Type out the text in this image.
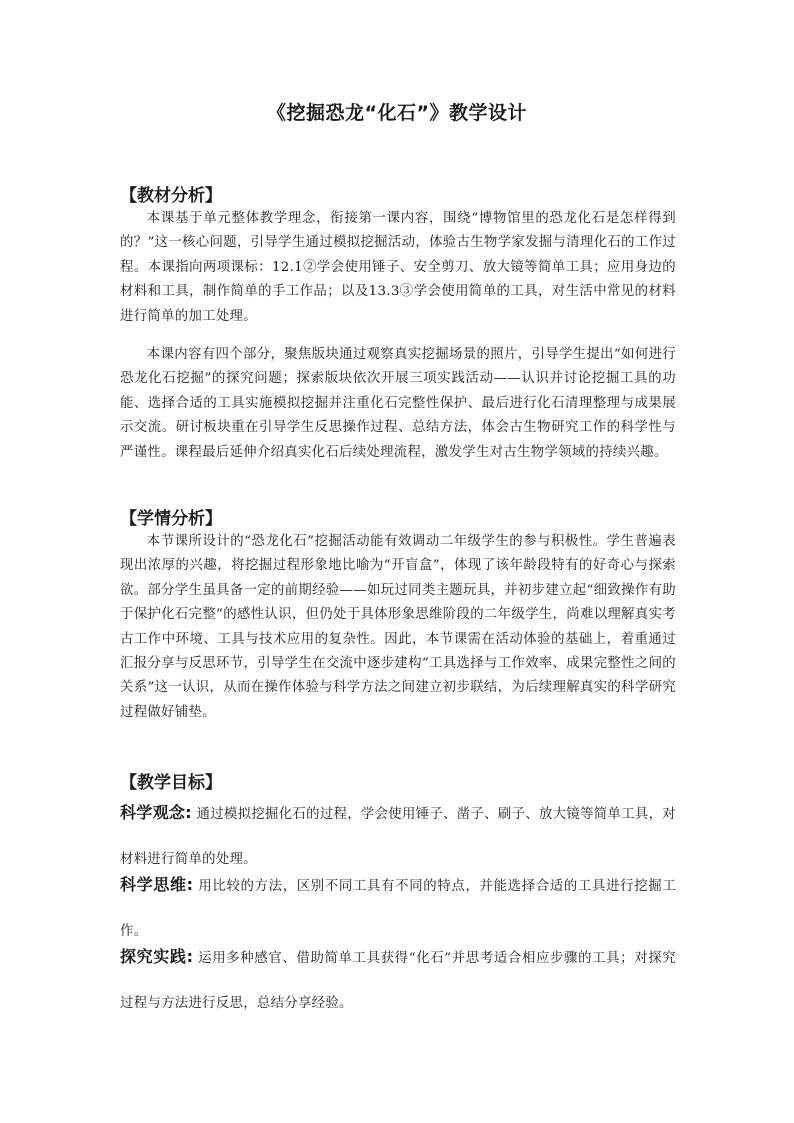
《挖掘恐龙“化石”》教学设计
【教材分析】

本课基于单元整体教学理念，衔接第一课内容，围绕“博物馆里的恐龙化石是怎样得到的？”这一核心问题，引导学生通过模拟挖掘活动，体验古生物学家发掘与清理化石的工作过程。本课指向两项课标：12.1②学会使用锤子、安全剪刀、放大镜等简单工具；应用身边的材料和工具，制作简单的手工作品；以及13.3③学会使用简单的工具，对生活中常见的材料进行简单的加工处理。

本课内容有四个部分，聚焦版块通过观察真实挖掘场景的照片，引导学生提出“如何进行恐龙化石挖掘”的探究问题；探索版块依次开展三项实践活动——认识并讨论挖掘工具的功能、选择合适的工具实施模拟挖掘并注重化石完整性保护、最后进行化石清理整理与成果展示交流。研讨板块重在引导学生反思操作过程、总结方法，体会古生物研究工作的科学性与严谨性。课程最后延伸介绍真实化石后续处理流程，激发学生对古生物学领域的持续兴趣。

【学情分析】

本节课所设计的“恐龙化石”挖掘活动能有效调动二年级学生的参与积极性。学生普遍表现出浓厚的兴趣，将挖掘过程形象地比喻为“开盲盒”，体现了该年龄段特有的好奇心与探索欲。部分学生虽具备一定的前期经验——如玩过同类主题玩具，并初步建立起“细致操作有助于保护化石完整”的感性认识，但仍处于具体形象思维阶段的二年级学生，尚难以理解真实考古工作中环境、工具与技术应用的复杂性。因此，本节课需在活动体验的基础上，着重通过汇报分享与反思环节，引导学生在交流中逐步建构“工具选择与工作效率、成果完整性之间的关系”这一认识，从而在操作体验与科学方法之间建立初步联结，为后续理解真实的科学研究过程做好铺垫。

【教学目标】

科学观念: 通过模拟挖掘化石的过程，学会使用锤子、凿子、刷子、放大镜等简单工具，对材料进行简单的处理。

科学思维: 用比较的方法，区别不同工具有不同的特点，并能选择合适的工具进行挖掘工作。

探究实践: 运用多种感官、借助简单工具获得“化石”并思考适合相应步骤的工具；对探究过程与方法进行反思，总结分享经验。
